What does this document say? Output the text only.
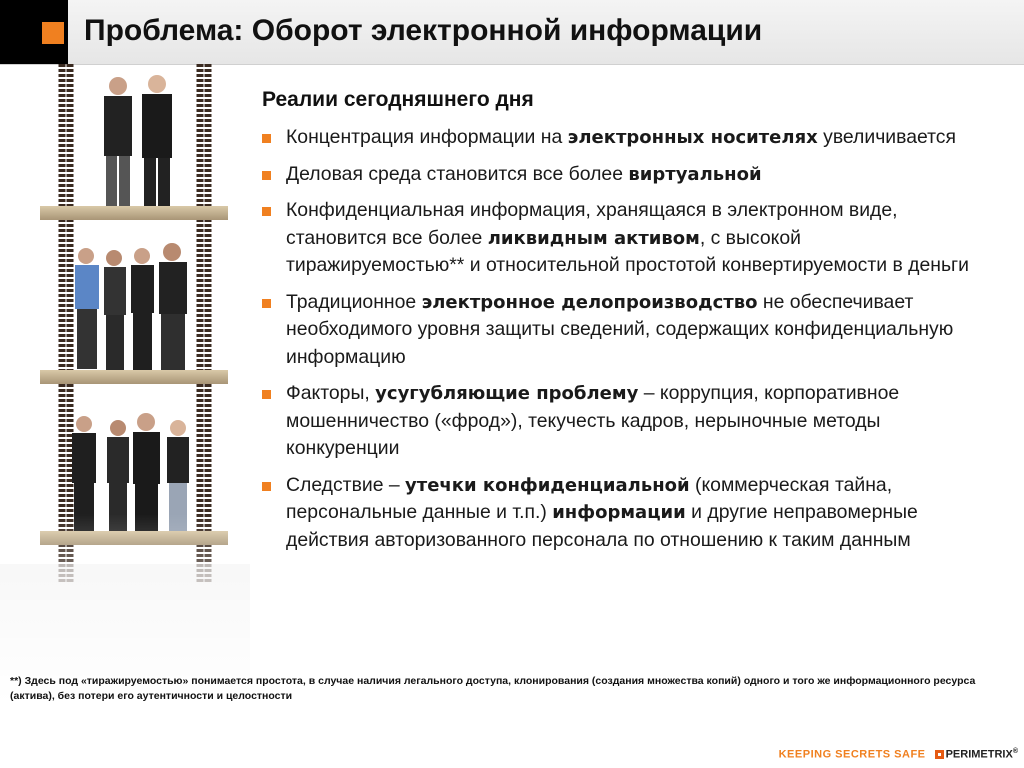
Проблема: Оборот электронной информации
Реалии сегодняшнего дня
Концентрация информации на электронных носителях увеличивается
Деловая среда становится все более виртуальной
Конфиденциальная информация, хранящаяся в электронном виде, становится все более ликвидным активом, с высокой тиражируемостью** и относительной простотой конвертируемости в деньги
Традиционное электронное делопроизводство не обеспечивает необходимого уровня защиты сведений, содержащих конфиденциальную информацию
Факторы, усугубляющие проблему – коррупция, корпоративное мошенничество («фрод»), текучесть кадров, нерыночные методы конкуренции
Следствие – утечки конфиденциальной (коммерческая тайна, персональные данные и т.п.) информации и другие неправомерные действия авторизованного персонала по отношению к таким данным
**) Здесь под «тиражируемостью» понимается простота, в случае наличия легального доступа, клонирования (создания множества копий) одного и того же информационного ресурса (актива), без потери его аутентичности и целостности
KEEPING SECRETS SAFE PERIMETRIX®
